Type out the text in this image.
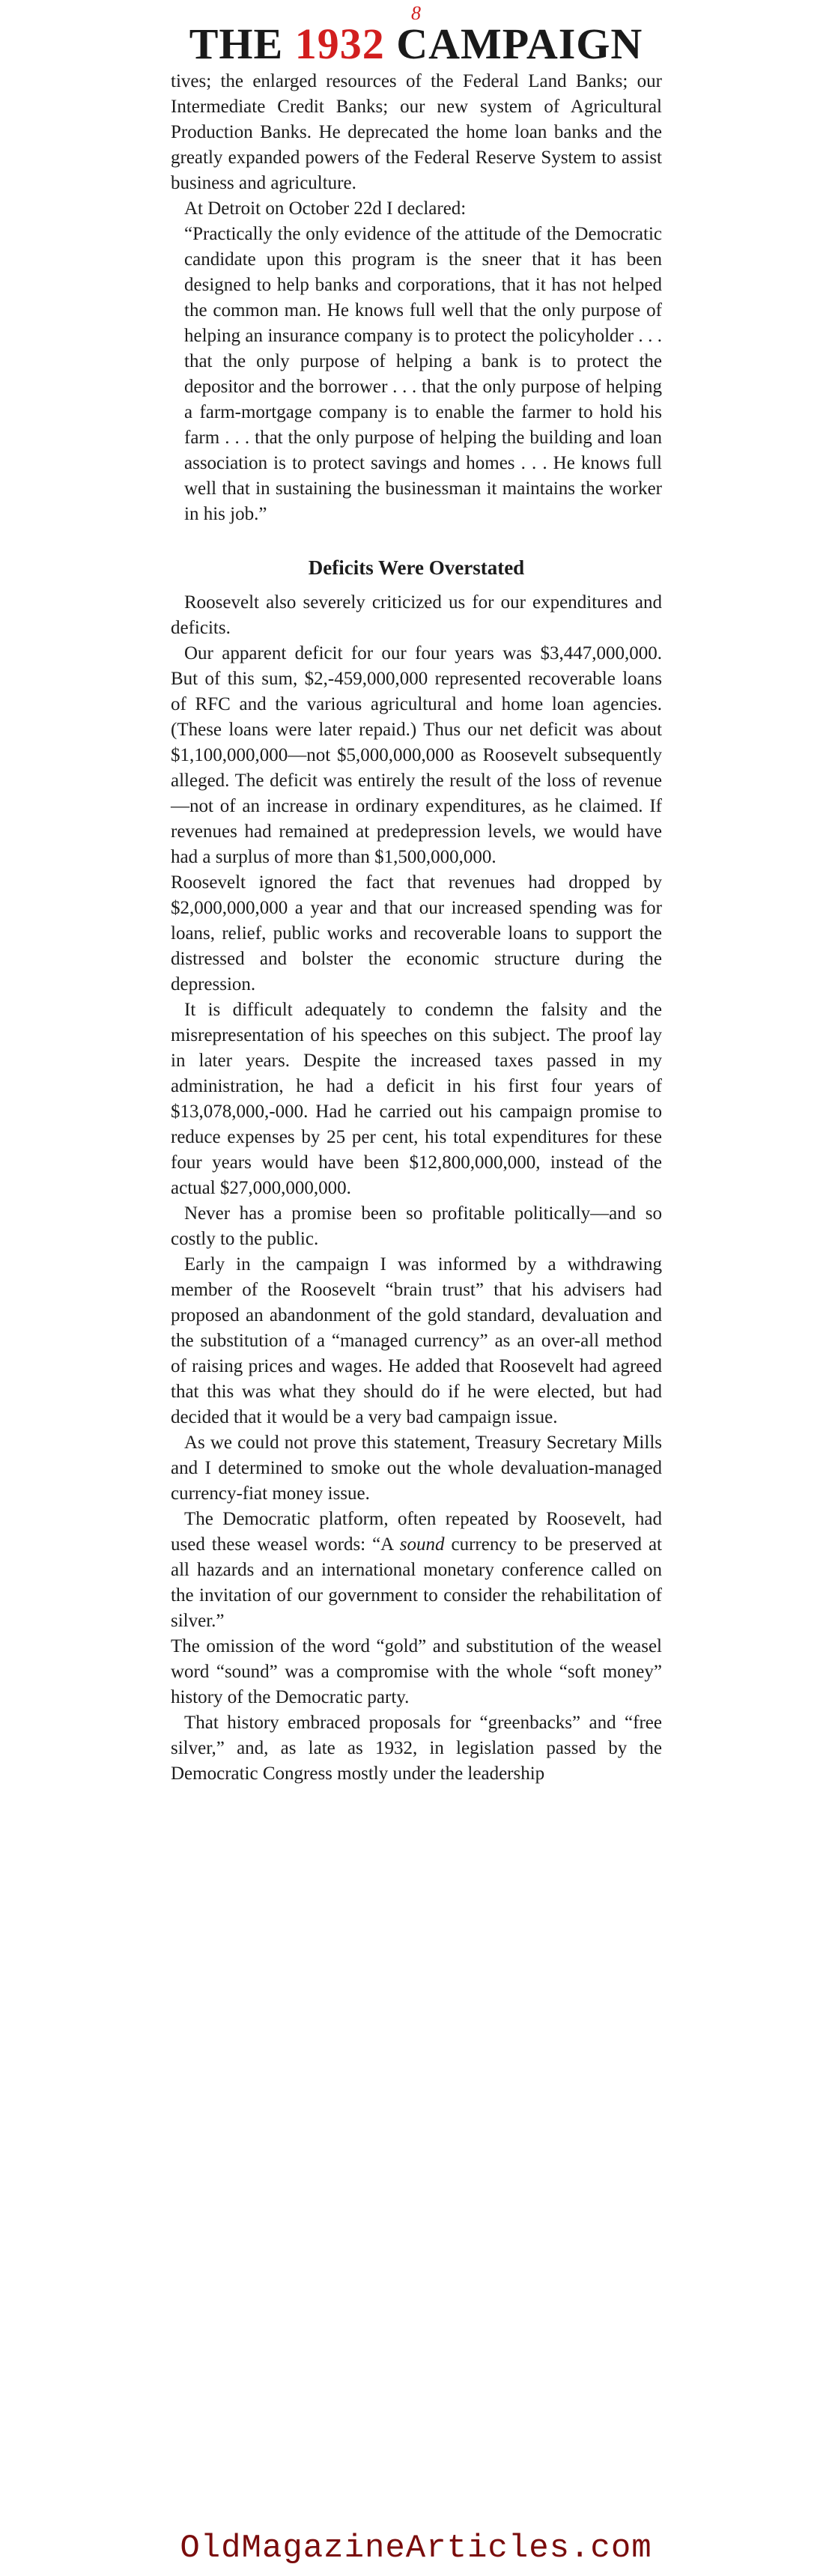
8
THE 1932 CAMPAIGN

tives; the enlarged resources of the Federal Land Banks; our Intermediate Credit Banks; our new system of Agricultural Production Banks. He deprecated the home loan banks and the greatly expanded powers of the Federal Reserve System to assist business and agriculture.

At Detroit on October 22d I declared:

“Practically the only evidence of the attitude of the Democratic candidate upon this program is the sneer that it has been designed to help banks and corporations, that it has not helped the common man. He knows full well that the only purpose of helping an insurance company is to protect the policyholder . . . that the only purpose of helping a bank is to protect the depositor and the borrower . . . that the only purpose of helping a farm-mortgage company is to enable the farmer to hold his farm . . . that the only purpose of helping the building and loan association is to protect savings and homes . . . He knows full well that in sustaining the businessman it maintains the worker in his job.”
Deficits Were Overstated

Roosevelt also severely criticized us for our expenditures and deficits.

Our apparent deficit for our four years was $3,447,000,000. But of this sum, $2,-459,000,000 represented recoverable loans of RFC and the various agricultural and home loan agencies. (These loans were later repaid.) Thus our net deficit was about $1,100,000,000—not $5,000,000,000 as Roosevelt subsequently alleged. The deficit was entirely the result of the loss of revenue—not of an increase in ordinary expenditures, as he claimed. If revenues had remained at predepression levels, we would have had a surplus of more than $1,500,000,000.

Roosevelt ignored the fact that revenues had dropped by $2,000,000,000 a year and that our increased spending was for loans, relief, public works and recoverable loans to support the distressed and bolster the economic structure during the depression.

It is difficult adequately to condemn the falsity and the misrepresentation of his speeches on this subject. The proof lay in later years. Despite the increased taxes passed in my administration, he had a deficit in his first four years of $13,078,000,-000. Had he carried out his campaign promise to reduce expenses by 25 per cent, his total expenditures for these four years would have been $12,800,000,000, instead of the actual $27,000,000,000.

Never has a promise been so profitable politically—and so costly to the public.

Early in the campaign I was informed by a withdrawing member of the Roosevelt “brain trust” that his advisers had proposed an abandonment of the gold standard, devaluation and the substitution of a “managed currency” as an over-all method of raising prices and wages. He added that Roosevelt had agreed that this was what they should do if he were elected, but had decided that it would be a very bad campaign issue.

As we could not prove this statement, Treasury Secretary Mills and I determined to smoke out the whole devaluation-managed currency-fiat money issue.

The Democratic platform, often repeated by Roosevelt, had used these weasel words: “A sound currency to be preserved at all hazards and an international monetary conference called on the invitation of our government to consider the rehabilitation of silver.”

The omission of the word “gold” and substitution of the weasel word “sound” was a compromise with the whole “soft money” history of the Democratic party.

That history embraced proposals for “greenbacks” and “free silver,” and, as late as 1932, in legislation passed by the Democratic Congress mostly under the leadership

OldMagazineArticles.com
